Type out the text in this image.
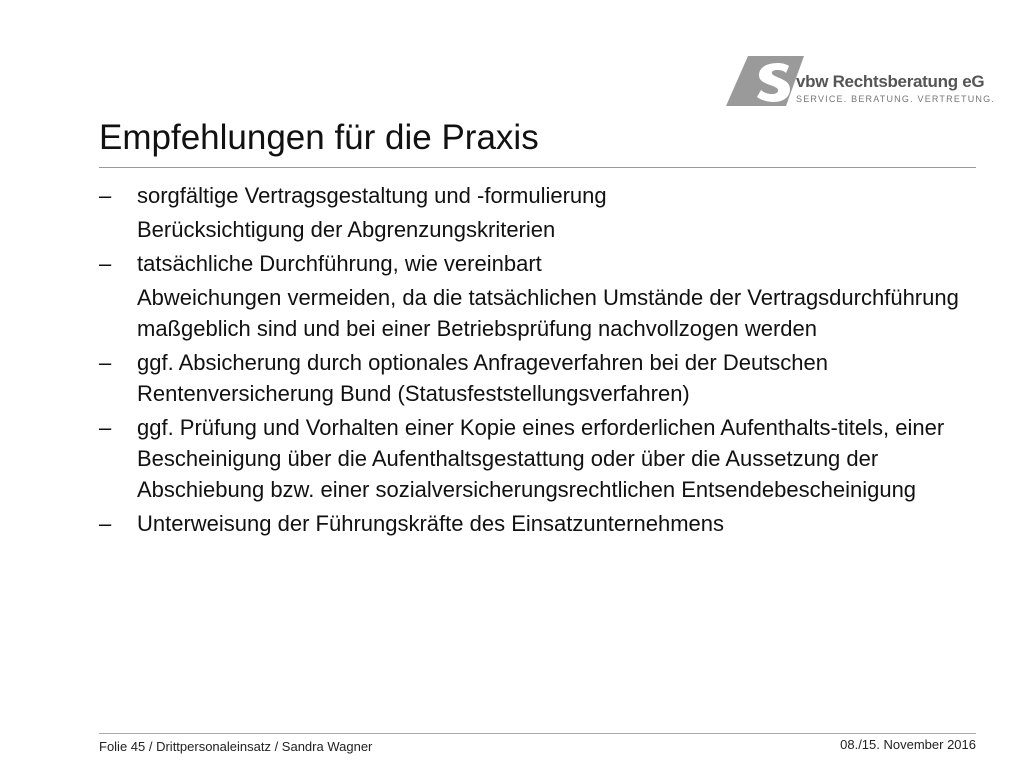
vbw Rechtsberatung eG
SERVICE. BERATUNG. VERTRETUNG.
Empfehlungen für die Praxis
–	sorgfältige Vertragsgestaltung und -formulierung
Berücksichtigung der Abgrenzungskriterien
–	tatsächliche Durchführung, wie vereinbart
Abweichungen vermeiden, da die tatsächlichen Umstände der Vertragsdurchführung maßgeblich sind und bei einer Betriebsprüfung nachvollzogen werden
–	ggf. Absicherung durch optionales Anfrageverfahren bei der Deutschen Rentenversicherung Bund (Statusfeststellungsverfahren)
–	ggf. Prüfung und Vorhalten einer Kopie eines erforderlichen Aufenthalts-titels, einer Bescheinigung über die Aufenthaltsgestattung oder über die Aussetzung der Abschiebung bzw. einer sozialversicherungsrechtlichen Entsendebescheinigung
–	Unterweisung der Führungskräfte des Einsatzunternehmens
Folie 45 / Drittpersonaleinsatz / Sandra Wagner	08./15. November 2016
